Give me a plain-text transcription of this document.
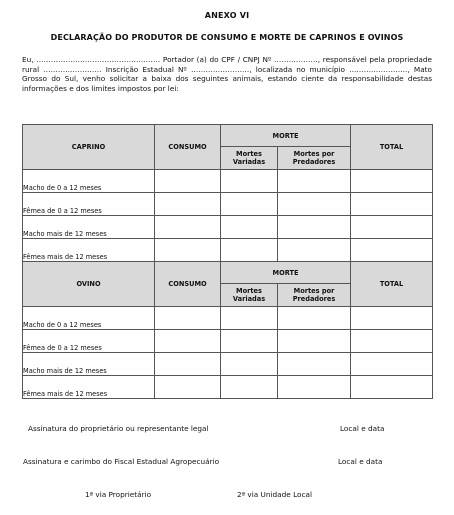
ANEXO VI
DECLARAÇÃO DO PRODUTOR DE CONSUMO E MORTE DE CAPRINOS E OVINOS
Eu, …………………………………………… Portador (a) do CPF / CNPJ Nº ………………, responsável pela propriedade rural …………………… Inscrição Estadual Nº ……………………, localizada no município ……………………, Mato Grosso do Sul, venho solicitar a baixa dos seguintes animais, estando ciente da responsabilidade destas informações e dos limites impostos por lei:
CAPRINO	CONSUMO	MORTE		TOTAL
		Mortes Variadas	Mortes por Predadores	
Macho de 0 a 12 meses				
Fêmea de 0 a 12 meses				
Macho mais de 12 meses				
Fêmea mais de 12 meses				
OVINO	CONSUMO	MORTE		TOTAL
		Mortes Variadas	Mortes por Predadores	
Macho de 0 a 12 meses				
Fêmea de 0 a 12 meses				
Macho mais de 12 meses				
Fêmea mais de 12 meses				
Assinatura do proprietário ou representante legal	Local e data
Assinatura e carimbo do Fiscal Estadual Agropecuário	Local e data
1ª via Proprietário	2ª via Unidade Local
